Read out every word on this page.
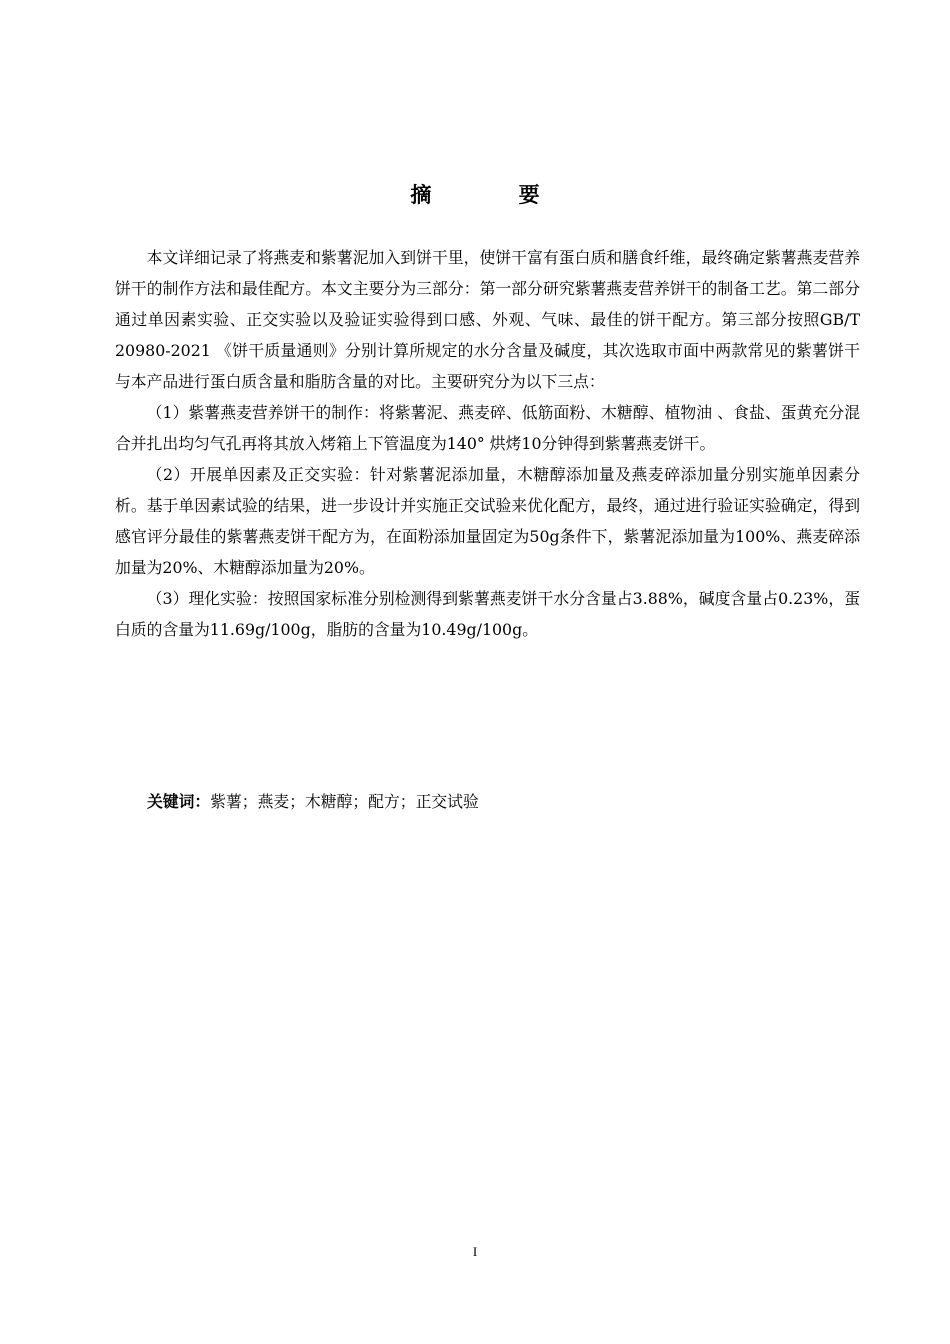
摘 要

本文详细记录了将燕麦和紫薯泥加入到饼干里，使饼干富有蛋白质和膳食纤维，最终确定紫薯燕麦营养饼干的制作方法和最佳配方。本文主要分为三部分：第一部分研究紫薯燕麦营养饼干的制备工艺。第二部分通过单因素实验、正交实验以及验证实验得到口感、外观、气味、最佳的饼干配方。第三部分按照GB/T 20980-2021 《饼干质量通则》分别计算所规定的水分含量及碱度，其次选取市面中两款常见的紫薯饼干与本产品进行蛋白质含量和脂肪含量的对比。主要研究分为以下三点：

（1）紫薯燕麦营养饼干的制作：将紫薯泥、燕麦碎、低筋面粉、木糖醇、植物油 、食盐、蛋黄充分混合并扎出均匀气孔再将其放入烤箱上下管温度为140° 烘烤10分钟得到紫薯燕麦饼干。

（2）开展单因素及正交实验：针对紫薯泥添加量，木糖醇添加量及燕麦碎添加量分别实施单因素分析。基于单因素试验的结果，进一步设计并实施正交试验来优化配方，最终，通过进行验证实验确定，得到感官评分最佳的紫薯燕麦饼干配方为，在面粉添加量固定为50g条件下，紫薯泥添加量为100%、燕麦碎添加量为20%、木糖醇添加量为20%。

（3）理化实验：按照国家标准分别检测得到紫薯燕麦饼干水分含量占3.88%，碱度含量占0.23%，蛋白质的含量为11.69g/100g，脂肪的含量为10.49g/100g。

关键词：紫薯；燕麦；木糖醇；配方；正交试验
I
